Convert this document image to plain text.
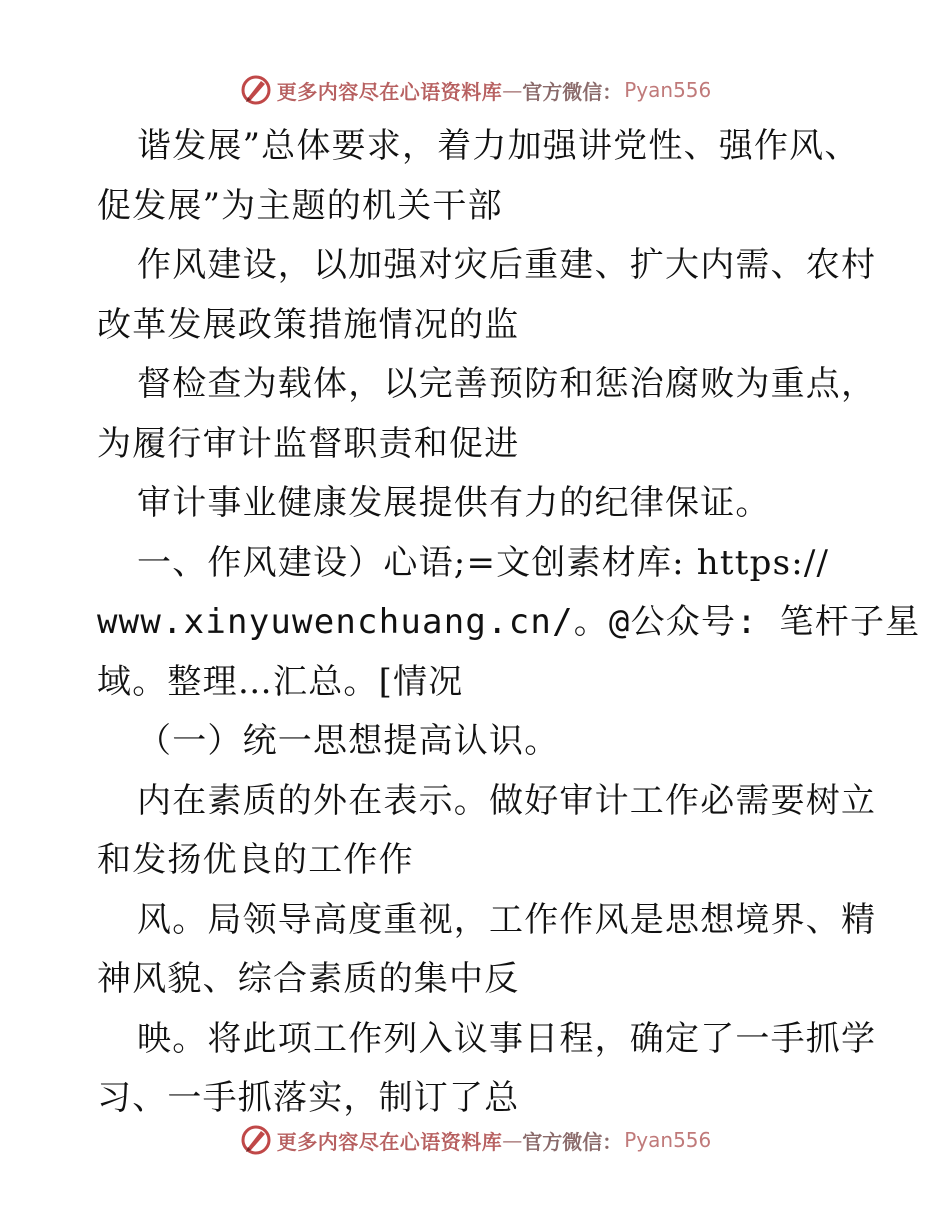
更多内容尽在心语资料库 — 官方微信： Pyan556
谐发展”总体要求，着力加强讲党性、强作风、
促发展”为主题的机关干部
作风建设，以加强对灾后重建、扩大内需、农村
改革发展政策措施情况的监
督检查为载体，以完善预防和惩治腐败为重点，
为履行审计监督职责和促进
审计事业健康发展提供有力的纪律保证。
一、作风建设）心语;=文创素材库: https://
www.xinyuwenchuang.cn/。@公众号: 笔杆子星
域。整理…汇总。[情况
（一）统一思想提高认识。
内在素质的外在表示。做好审计工作必需要树立
和发扬优良的工作作
风。局领导高度重视，工作作风是思想境界、精
神风貌、综合素质的集中反
映。将此项工作列入议事日程，确定了一手抓学
习、一手抓落实，制订了总
更多内容尽在心语资料库 — 官方微信： Pyan556
